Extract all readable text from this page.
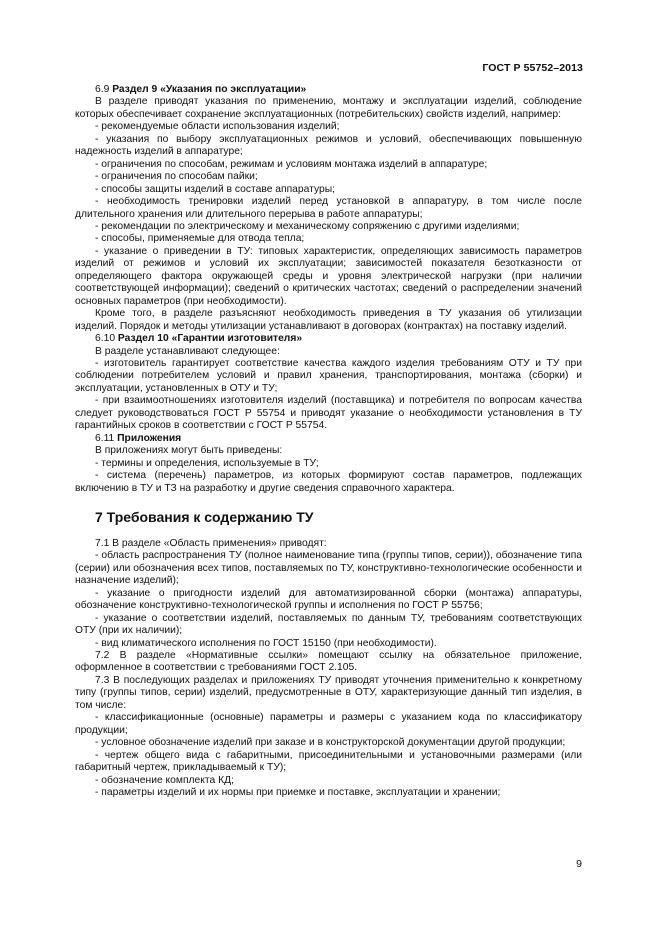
ГОСТ Р 55752–2013

6.9 Раздел 9 «Указания по эксплуатации»

В разделе приводят указания по применению, монтажу и эксплуатации изделий, соблюдение которых обеспечивает сохранение эксплуатационных (потребительских) свойств изделий, например:

- рекомендуемые области использования изделий;

- указания по выбору эксплуатационных режимов и условий, обеспечивающих повышенную надежность изделий в аппаратуре;

- ограничения по способам, режимам и условиям монтажа изделий в аппаратуре;

- ограничения по способам пайки;

- способы защиты изделий в составе аппаратуры;

- необходимость тренировки изделий перед установкой в аппаратуру, в том числе после длительного хранения или длительного перерыва в работе аппаратуры;

- рекомендации по электрическому и механическому сопряжению с другими изделиями;

- способы, применяемые для отвода тепла;

- указание о приведении в ТУ: типовых характеристик, определяющих зависимость параметров изделий от режимов и условий их эксплуатации; зависимостей показателя безотказности от определяющего фактора окружающей среды и уровня электрической нагрузки (при наличии соответствующей информации); сведений о критических частотах; сведений о распределении значений основных параметров (при необходимости).

Кроме того, в разделе разъясняют необходимость приведения в ТУ указания об утилизации изделий. Порядок и методы утилизации устанавливают в договорах (контрактах) на поставку изделий.

6.10 Раздел 10 «Гарантии изготовителя»

В разделе устанавливают следующее:

- изготовитель гарантирует соответствие качества каждого изделия требованиям ОТУ и ТУ при соблюдении потребителем условий и правил хранения, транспортирования, монтажа (сборки) и эксплуатации, установленных в ОТУ и ТУ;

- при взаимоотношениях изготовителя изделий (поставщика) и потребителя по вопросам качества следует руководствоваться ГОСТ Р 55754 и приводят указание о необходимости установления в ТУ гарантийных сроков в соответствии с ГОСТ Р 55754.

6.11 Приложения

В приложениях могут быть приведены:

- термины и определения, используемые в ТУ;

- система (перечень) параметров, из которых формируют состав параметров, подлежащих включению в ТУ и ТЗ на разработку и другие сведения справочного характера.

7 Требования к содержанию ТУ

7.1 В разделе «Область применения» приводят:

- область распространения ТУ (полное наименование типа (группы типов, серии)), обозначение типа (серии) или обозначения всех типов, поставляемых по ТУ, конструктивно-технологические особенности и назначение изделий);

- указание о пригодности изделий для автоматизированной сборки (монтажа) аппаратуры, обозначение конструктивно-технологической группы и исполнения по ГОСТ Р 55756;

- указание о соответствии изделий, поставляемых по данным ТУ, требованиям соответствующих ОТУ (при их наличии);

- вид климатического исполнения по ГОСТ 15150 (при необходимости).

7.2 В разделе «Нормативные ссылки» помещают ссылку на обязательное приложение, оформленное в соответствии с требованиями ГОСТ 2.105.

7.3 В последующих разделах и приложениях ТУ приводят уточнения применительно к конкретному типу (группы типов, серии) изделий, предусмотренные в ОТУ, характеризующие данный тип изделия, в том числе:

- классификационные (основные) параметры и размеры с указанием кода по классификатору продукции;

- условное обозначение изделий при заказе и в конструкторской документации другой продукции;

- чертеж общего вида с габаритными, присоединительными и установочными размерами (или габаритный чертеж, прикладываемый к ТУ);

- обозначение комплекта КД;

- параметры изделий и их нормы при приемке и поставке, эксплуатации и хранении;

9
